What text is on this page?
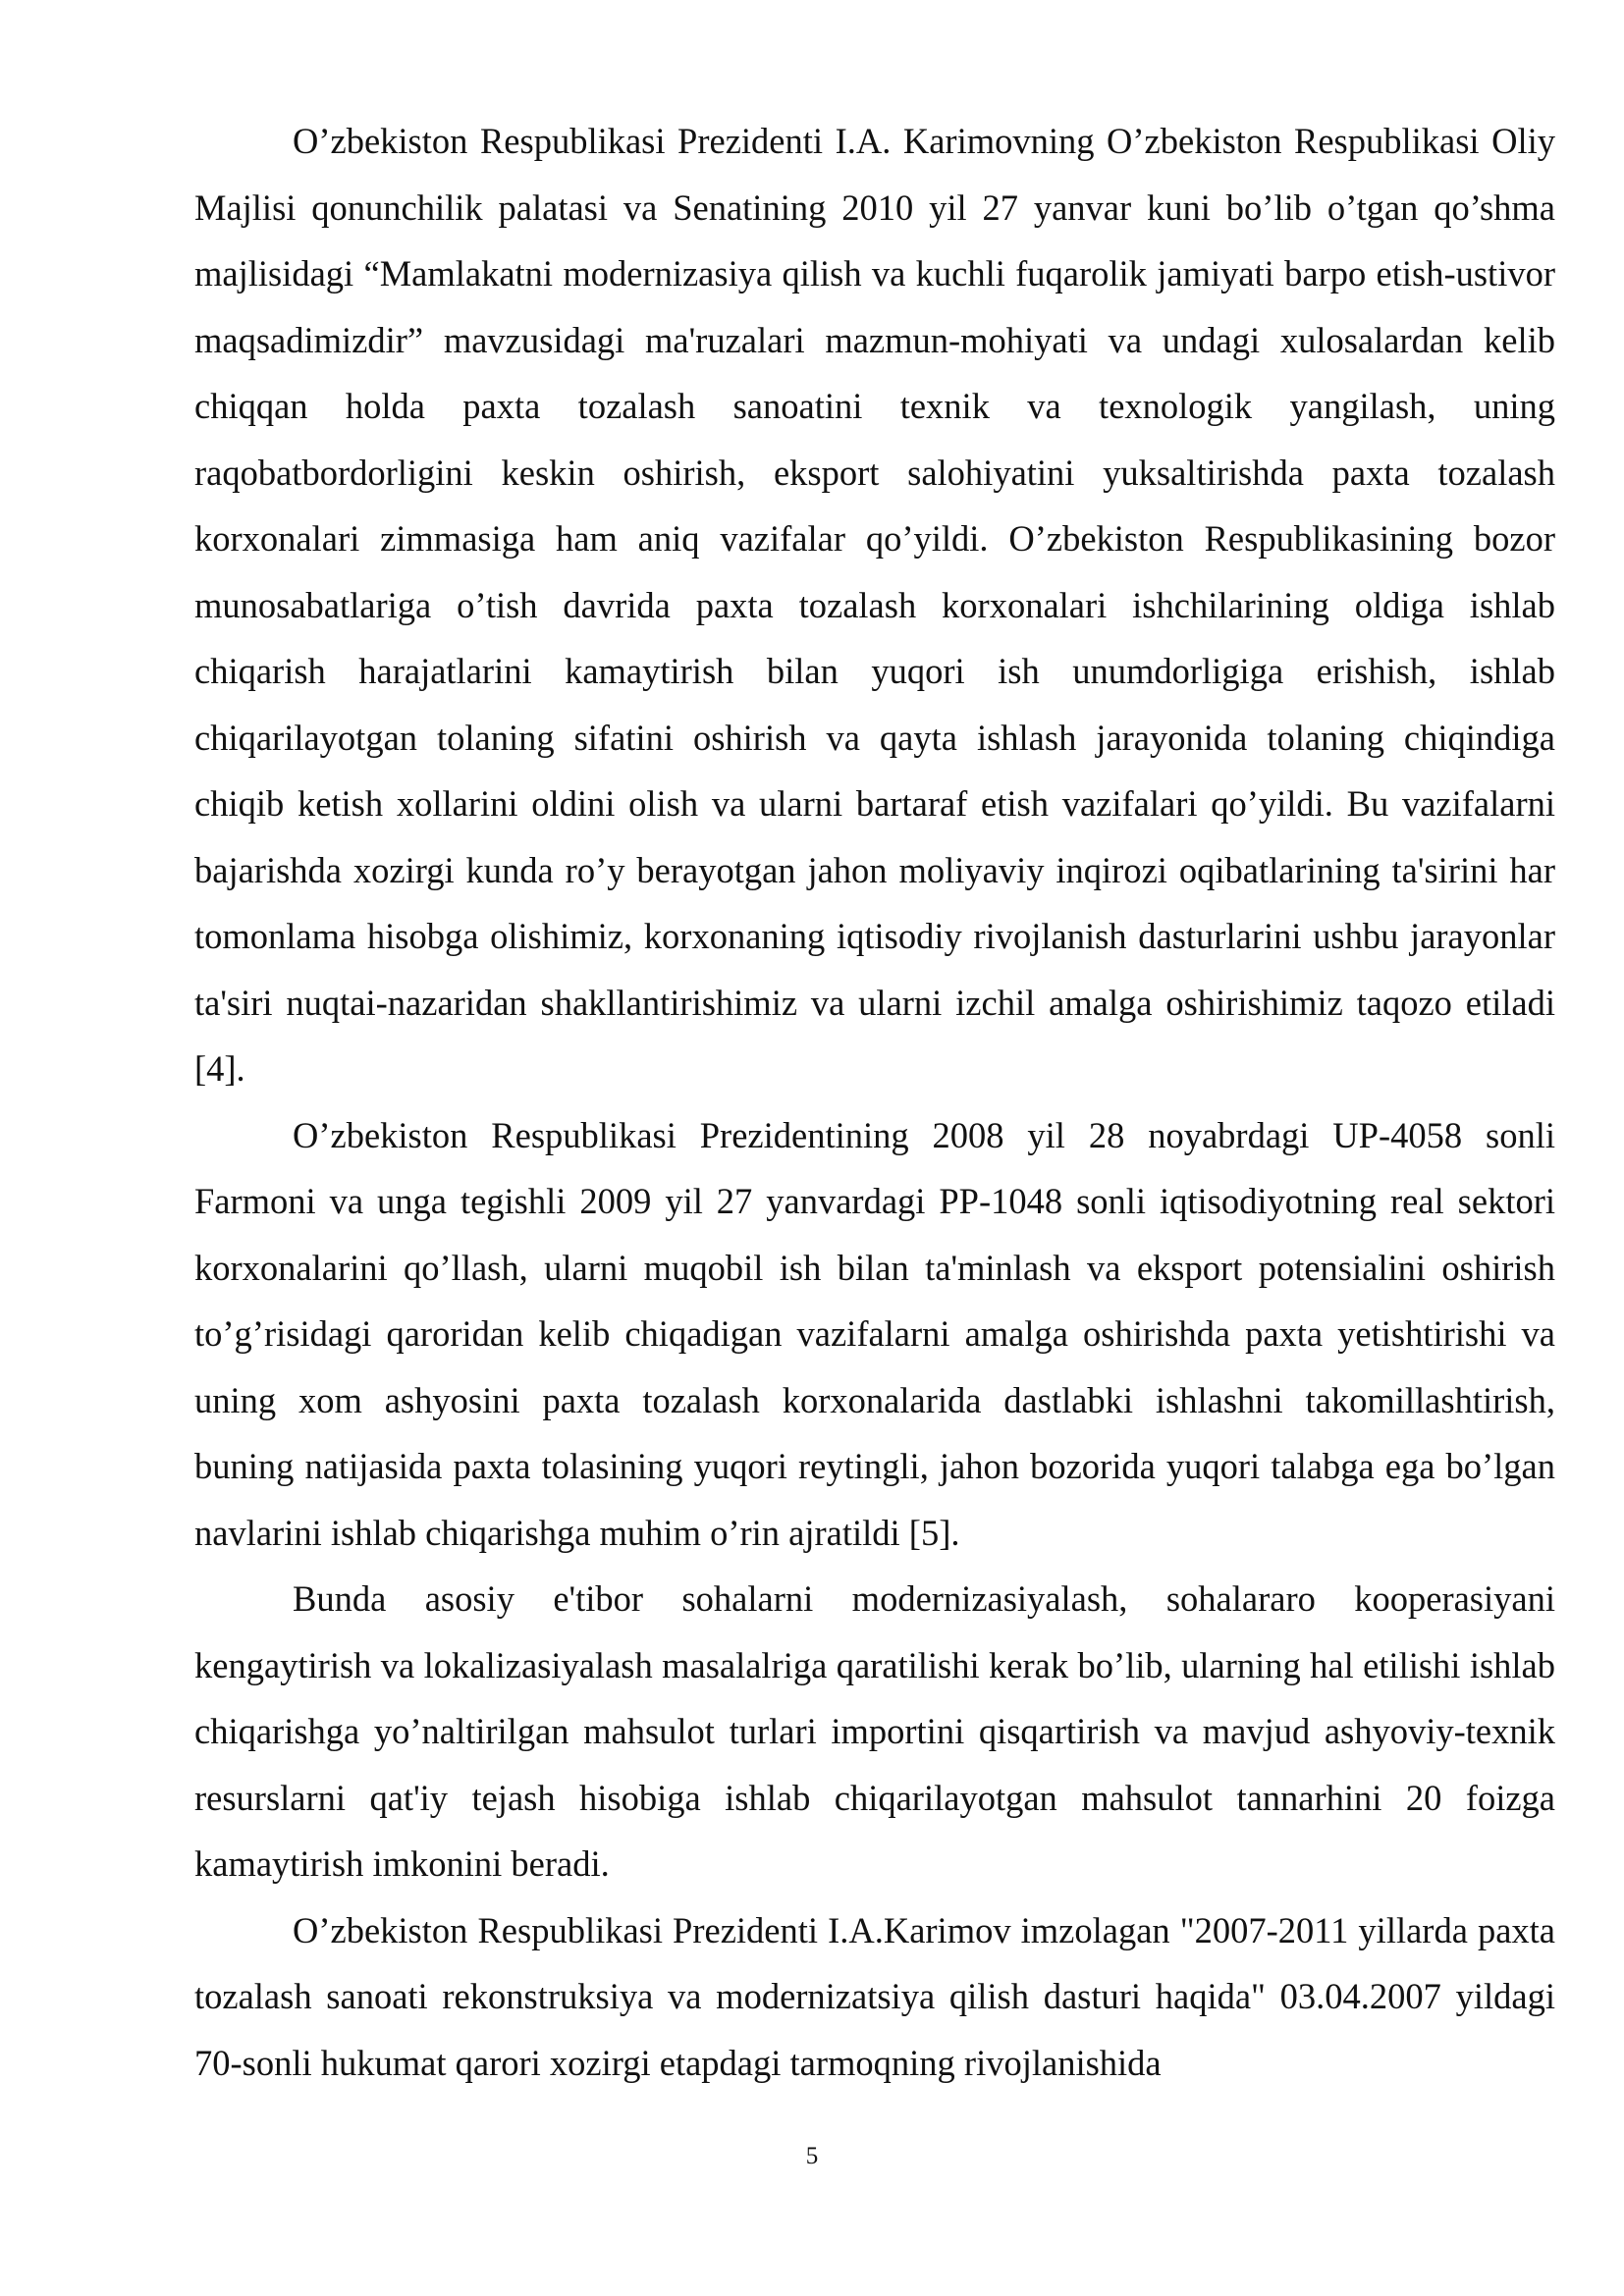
O’zbekiston Respublikasi Prezidenti I.A. Karimovning O’zbekiston Respublikasi Oliy Majlisi qonunchilik palatasi va Senatining 2010 yil 27 yanvar kuni bo’lib o’tgan qo’shma majlisidagi “Mamlakatni modernizasiya qilish va kuchli fuqarolik jamiyati barpo etish-ustivor maqsadimizdir” mavzusidagi ma'ruzalari mazmun-mohiyati va undagi xulosalardan kelib chiqqan holda paxta tozalash sanoatini texnik va texnologik yangilash, uning raqobatbordorligini keskin oshirish, eksport salohiyatini yuksaltirishda paxta tozalash korxonalari zimmasiga ham aniq vazifalar qo’yildi. O’zbekiston Respublikasining bozor munosabatlariga o’tish davrida paxta tozalash korxonalari ishchilarining oldiga ishlab chiqarish harajatlarini kamaytirish bilan yuqori ish unumdorligiga erishish, ishlab chiqarilayotgan tolaning sifatini oshirish va qayta ishlash jarayonida tolaning chiqindiga chiqib ketish xollarini oldini olish va ularni bartaraf etish vazifalari qo’yildi. Bu vazifalarni bajarishda xozirgi kunda ro’y berayotgan jahon moliyaviy inqirozi oqibatlarining ta'sirini har tomonlama hisobga olishimiz, korxonaning iqtisodiy rivojlanish dasturlarini ushbu jarayonlar ta'siri nuqtai-nazaridan shakllantirishimiz va ularni izchil amalga oshirishimiz taqozo etiladi [4].

O’zbekiston Respublikasi Prezidentining 2008 yil 28 noyabrdagi UP-4058 sonli Farmoni va unga tegishli 2009 yil 27 yanvardagi PP-1048 sonli iqtisodiyotning real sektori korxonalarini qo’llash, ularni muqobil ish bilan ta'minlash va eksport potensialini oshirish to’g’risidagi qaroridan kelib chiqadigan vazifalarni amalga oshirishda paxta yetishtirishi va uning xom ashyosini paxta tozalash korxonalarida dastlabki ishlashni takomillashtirish, buning natijasida paxta tolasining yuqori reytingli, jahon bozorida yuqori talabga ega bo’lgan navlarini ishlab chiqarishga muhim o’rin ajratildi [5].

Bunda asosiy e'tibor sohalarni modernizasiyalash, sohalararo kooperasiyani kengaytirish va lokalizasiyalash masalalriga qaratilishi kerak bo’lib, ularning hal etilishi ishlab chiqarishga yo’naltirilgan mahsulot turlari importini qisqartirish va mavjud ashyoviy-texnik resurslarni qat'iy tejash hisobiga ishlab chiqarilayotgan mahsulot tannarhini 20 foizga kamaytirish imkonini beradi.

O’zbekiston Respublikasi Prezidenti I.A.Karimov imzolagan "2007-2011 yillarda paxta tozalash sanoati rekonstruksiya va modernizatsiya qilish dasturi haqida" 03.04.2007 yildagi 70-sonli hukumat qarori xozirgi etapdagi tarmoqning rivojlanishida

5
